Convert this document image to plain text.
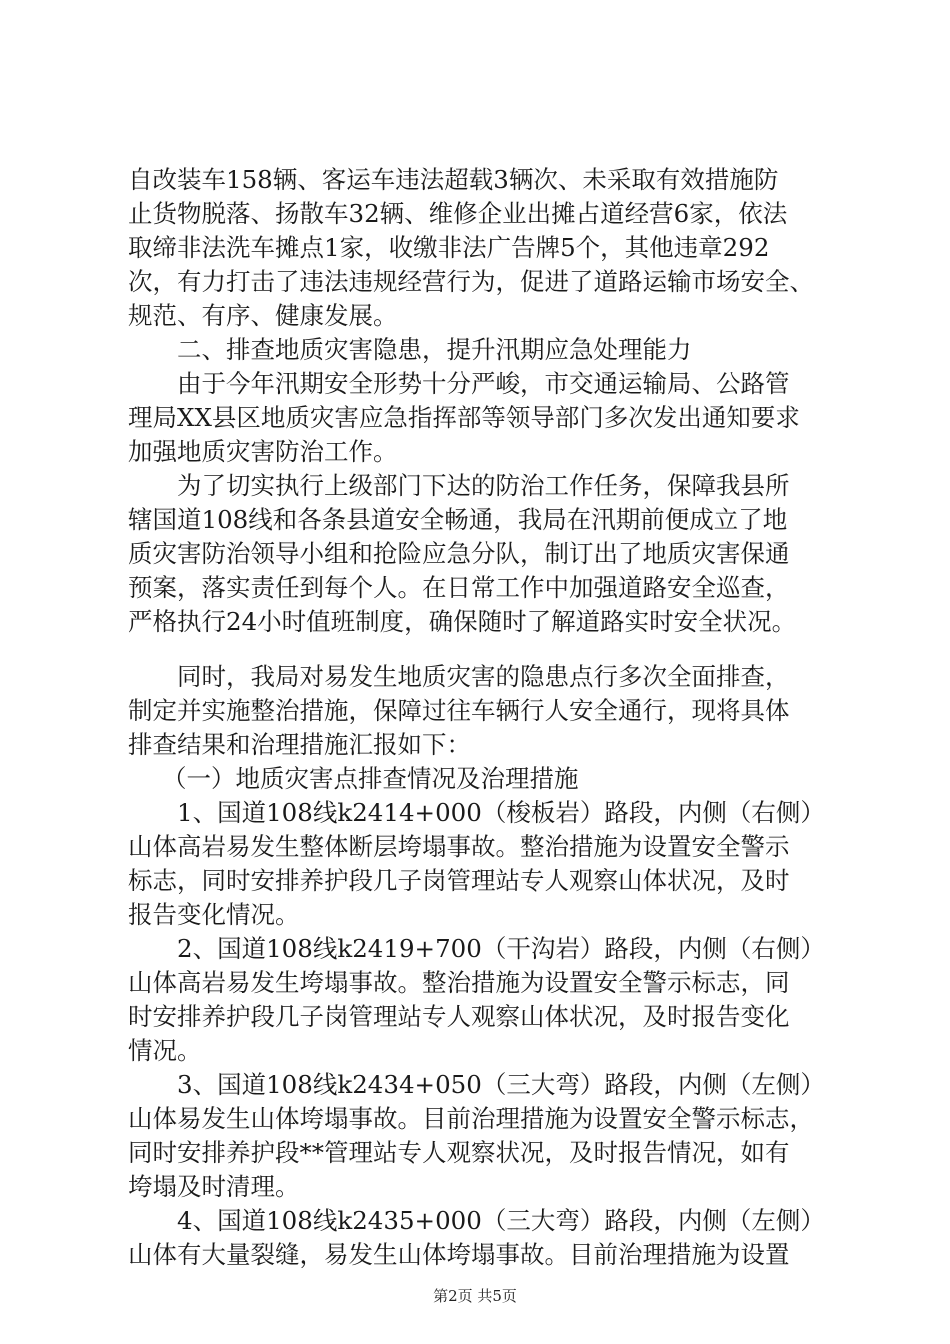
自改装车158辆、客运车违法超载3辆次、未采取有效措施防
止货物脱落、扬散车32辆、维修企业出摊占道经营6家，依法
取缔非法洗车摊点1家，收缴非法广告牌5个，其他违章292
次，有力打击了违法违规经营行为，促进了道路运输市场安全、
规范、有序、健康发展。
二、排查地质灾害隐患，提升汛期应急处理能力
由于今年汛期安全形势十分严峻，市交通运输局、公路管
理局XX县区地质灾害应急指挥部等领导部门多次发出通知要求
加强地质灾害防治工作。
为了切实执行上级部门下达的防治工作任务，保障我县所
辖国道108线和各条县道安全畅通，我局在汛期前便成立了地
质灾害防治领导小组和抢险应急分队，制订出了地质灾害保通
预案，落实责任到每个人。在日常工作中加强道路安全巡查，
严格执行24小时值班制度，确保随时了解道路实时安全状况。
同时，我局对易发生地质灾害的隐患点行多次全面排查，
制定并实施整治措施，保障过往车辆行人安全通行，现将具体
排查结果和治理措施汇报如下：
（一）地质灾害点排查情况及治理措施
1、国道108线k2414+000（梭板岩）路段，内侧（右侧）
山体高岩易发生整体断层垮塌事故。整治措施为设置安全警示
标志，同时安排养护段几子岗管理站专人观察山体状况，及时
报告变化情况。
2、国道108线k2419+700（干沟岩）路段，内侧（右侧）
山体高岩易发生垮塌事故。整治措施为设置安全警示标志，同
时安排养护段几子岗管理站专人观察山体状况，及时报告变化
情况。
3、国道108线k2434+050（三大弯）路段，内侧（左侧）
山体易发生山体垮塌事故。目前治理措施为设置安全警示标志，
同时安排养护段**管理站专人观察状况，及时报告情况，如有
垮塌及时清理。
4、国道108线k2435+000（三大弯）路段，内侧（左侧）
山体有大量裂缝，易发生山体垮塌事故。目前治理措施为设置
第2页 共5页
